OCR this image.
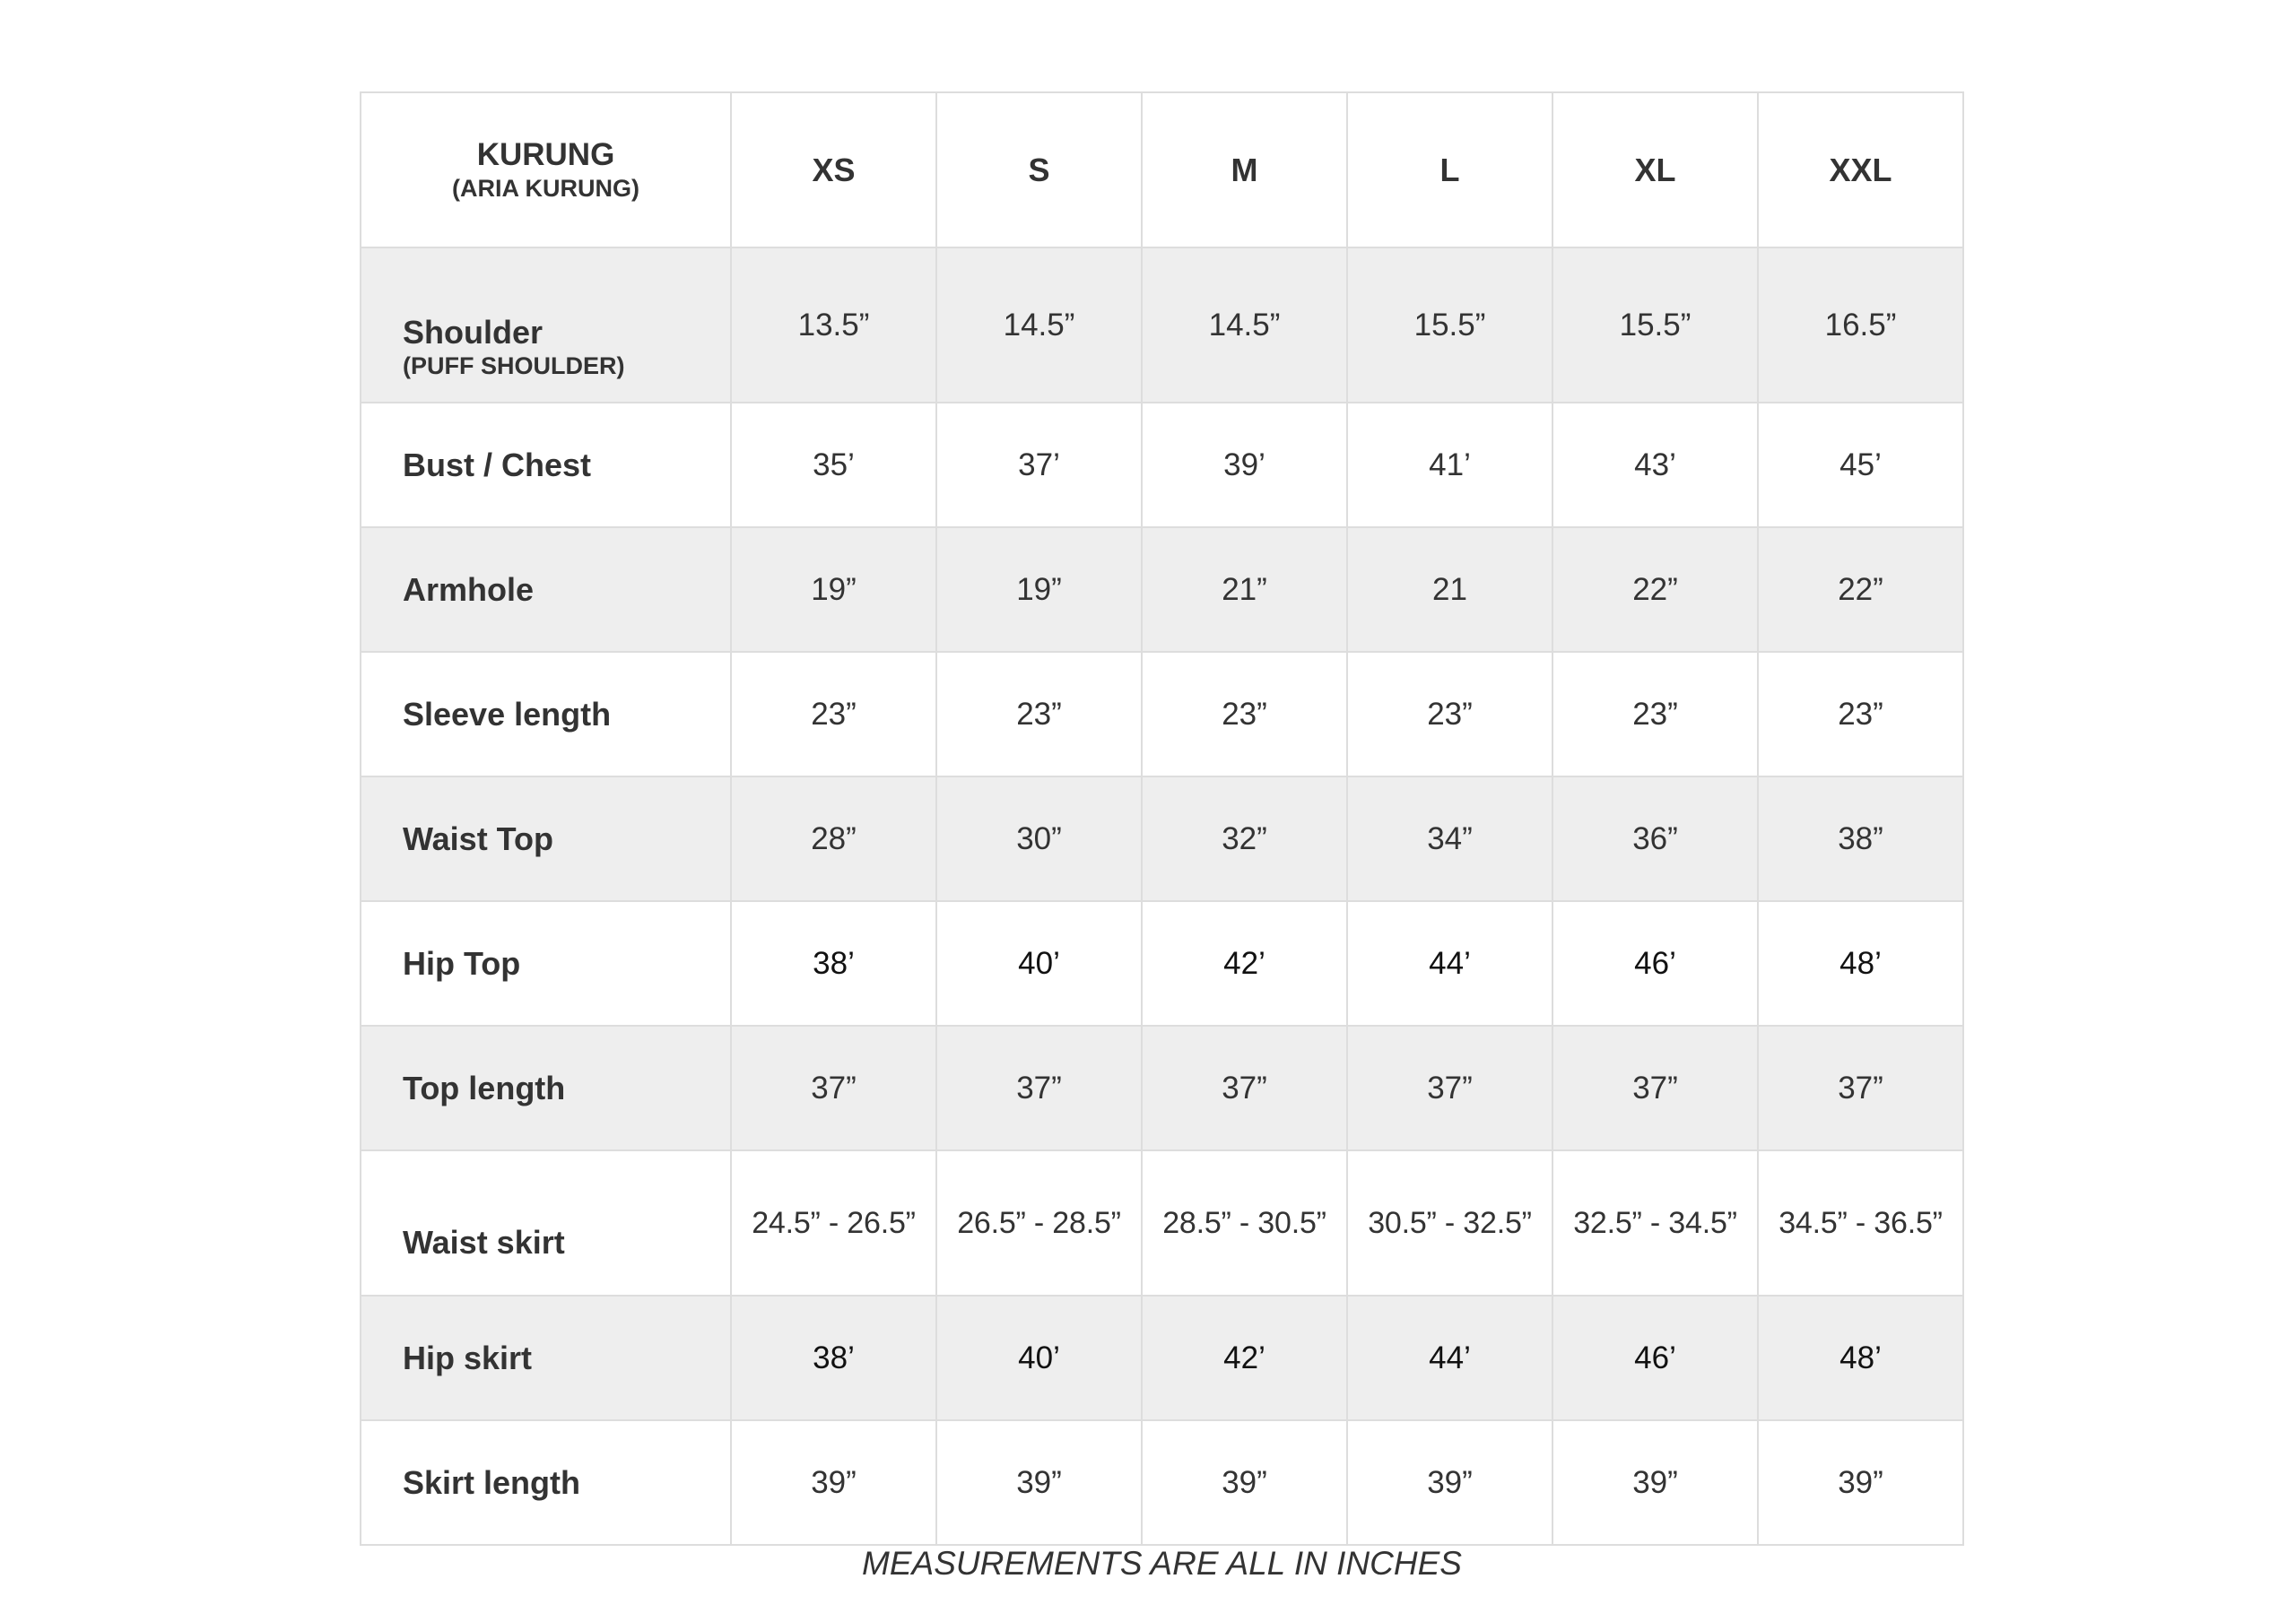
KURUNG
(ARIA KURUNG)	XS	S	M	L	XL	XXL

Shoulder
(PUFF SHOULDER)	13.5”	14.5”	14.5”	15.5”	15.5”	16.5”
Bust / Chest	35’	37’	39’	41’	43’	45’
Armhole	19”	19”	21”	21	22”	22”
Sleeve length	23”	23”	23”	23”	23”	23”
Waist Top	28”	30”	32”	34”	36”	38”
Hip Top	38’	40’	42’	44’	46’	48’
Top length	37”	37”	37”	37”	37”	37”
Waist skirt	24.5” - 26.5”	26.5” - 28.5”	28.5” - 30.5”	30.5” - 32.5”	32.5” - 34.5”	34.5” - 36.5”
Hip skirt	38’	40’	42’	44’	46’	48’
Skirt length	39”	39”	39”	39”	39”	39”
MEASUREMENTS ARE ALL IN INCHES
